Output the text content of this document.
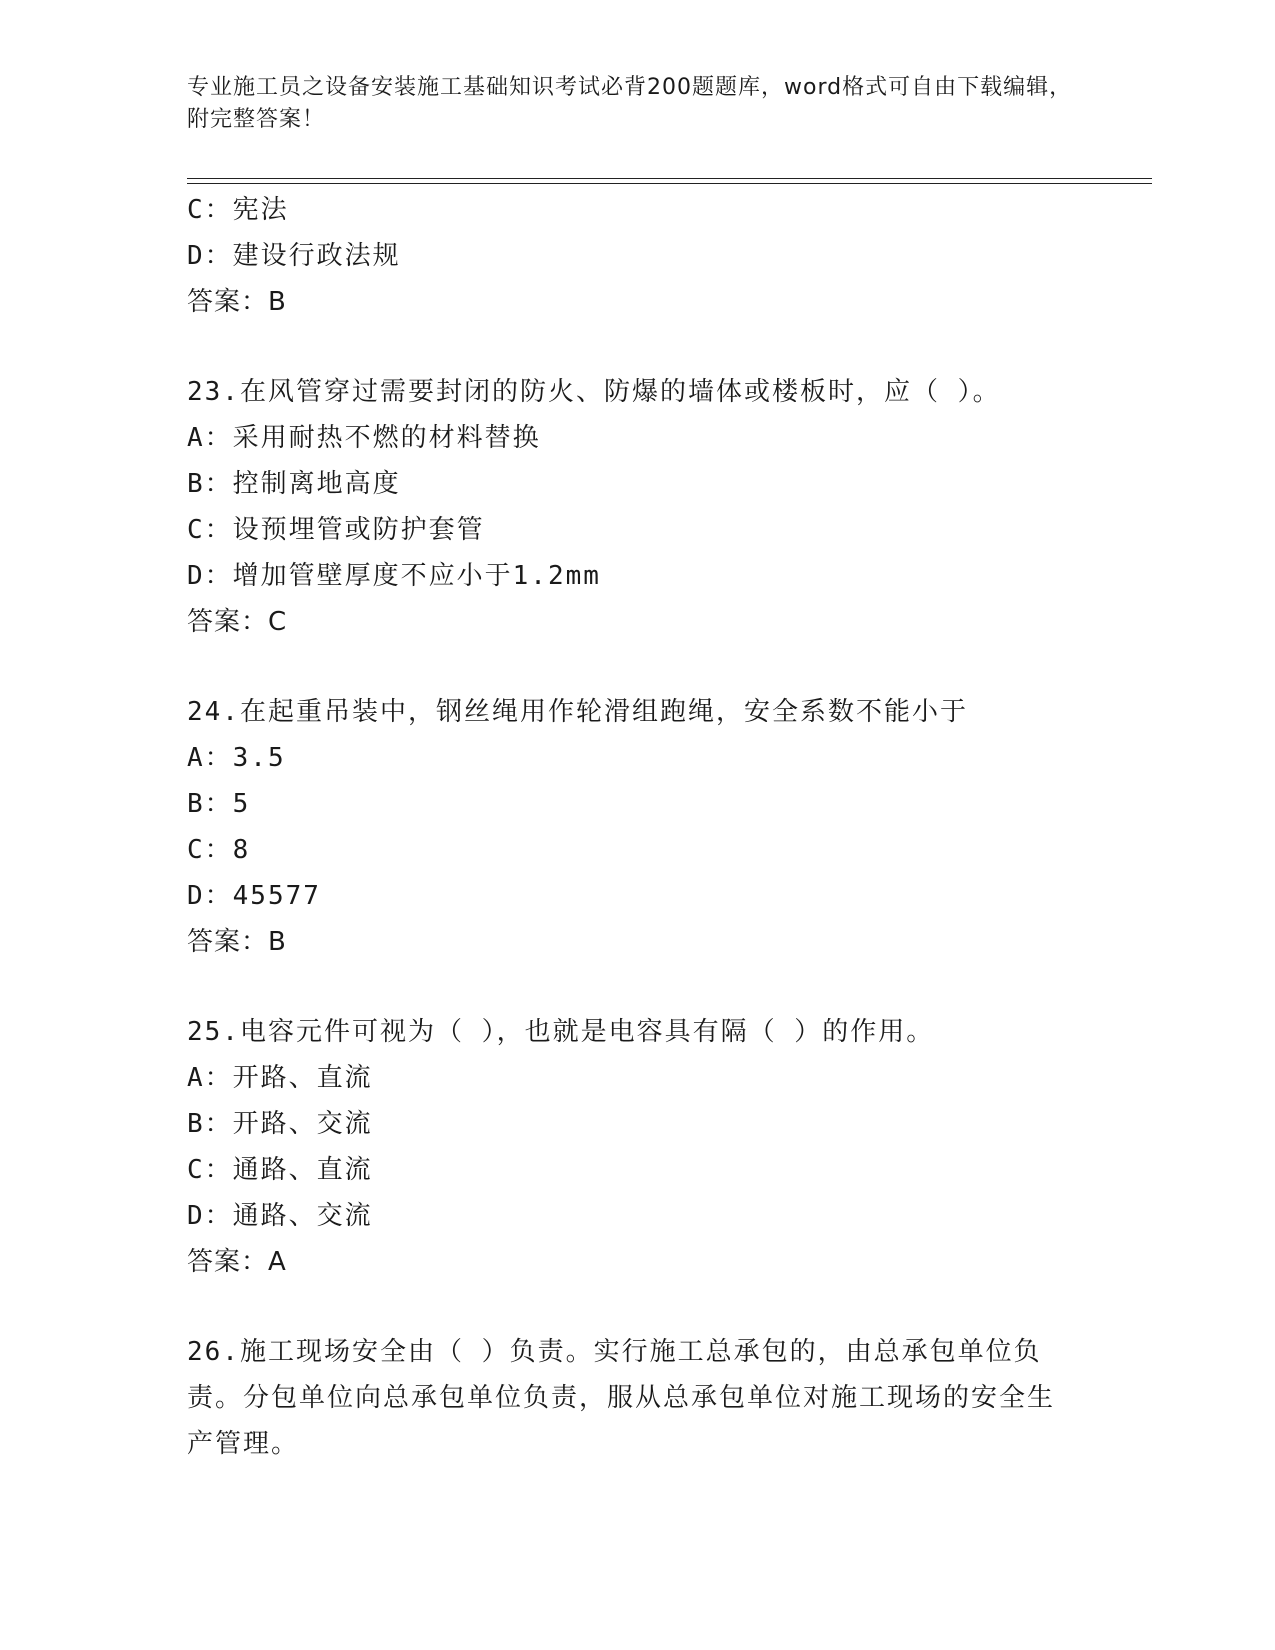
专业施工员之设备安装施工基础知识考试必背200题题库，word格式可自由下载编辑，附完整答案！
C：宪法
D：建设行政法规
答案：B
23.在风管穿过需要封闭的防火、防爆的墙体或楼板时，应（ ）。
A：采用耐热不燃的材料替换
B：控制离地高度
C：设预埋管或防护套管
D：增加管壁厚度不应小于1.2mm
答案：C
24.在起重吊装中，钢丝绳用作轮滑组跑绳，安全系数不能小于
A：3.5
B：5
C：8
D：45577
答案：B
25.电容元件可视为（ ），也就是电容具有隔（ ）的作用。
A：开路、直流
B：开路、交流
C：通路、直流
D：通路、交流
答案：A
26.施工现场安全由（ ）负责。实行施工总承包的，由总承包单位负责。分包单位向总承包单位负责，服从总承包单位对施工现场的安全生产管理。
